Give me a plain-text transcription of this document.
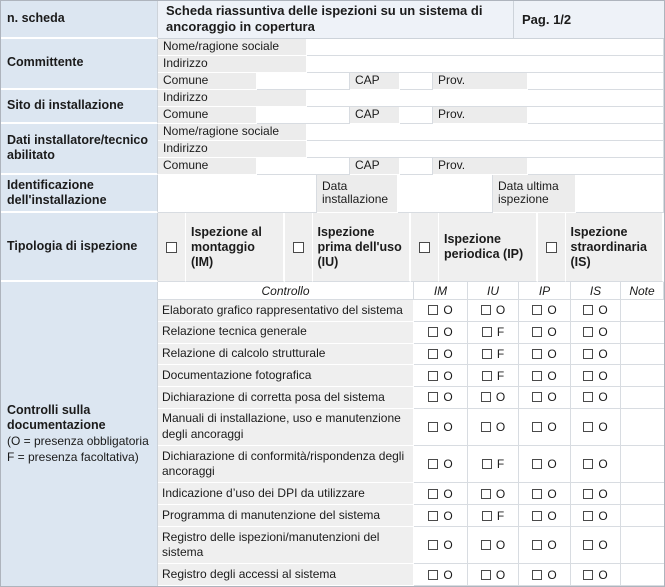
n. scheda
Scheda riassuntiva delle ispezioni su un sistema di ancoraggio in copertura	Pag. 1/2
Committente
Nome/ragione sociale
Indirizzo
Comune	CAP	Prov.
Sito di installazione
Indirizzo
Comune	CAP	Prov.
Dati installatore/tecnico abilitato
Nome/ragione sociale
Indirizzo
Comune	CAP	Prov.
Identificazione dell'installazione
Data installazione
Data ultima ispezione
Tipologia di ispezione
Ispezione al montaggio (IM)
Ispezione prima dell'uso (IU)
Ispezione periodica (IP)
Ispezione straordinaria (IS)
Controlli sulla documentazione
(O = presenza obbligatoria
F = presenza facoltativa)
Controllo	IM	IU	IP	IS	Note
Elaborato grafico rappresentativo del sistema	O	O	O	O
Relazione tecnica generale	O	F	O	O
Relazione di calcolo strutturale	O	F	O	O
Documentazione fotografica	O	F	O	O
Dichiarazione di corretta posa del sistema	O	O	O	O
Manuali di installazione, uso e manutenzione degli ancoraggi	O	O	O	O
Dichiarazione di conformità/rispondenza degli ancoraggi	O	F	O	O
Indicazione d’uso dei DPI da utilizzare	O	O	O	O
Programma di manutenzione del sistema	O	F	O	O
Registro delle ispezioni/manutenzioni del sistema	O	O	O	O
Registro degli accessi al sistema	O	O	O	O
